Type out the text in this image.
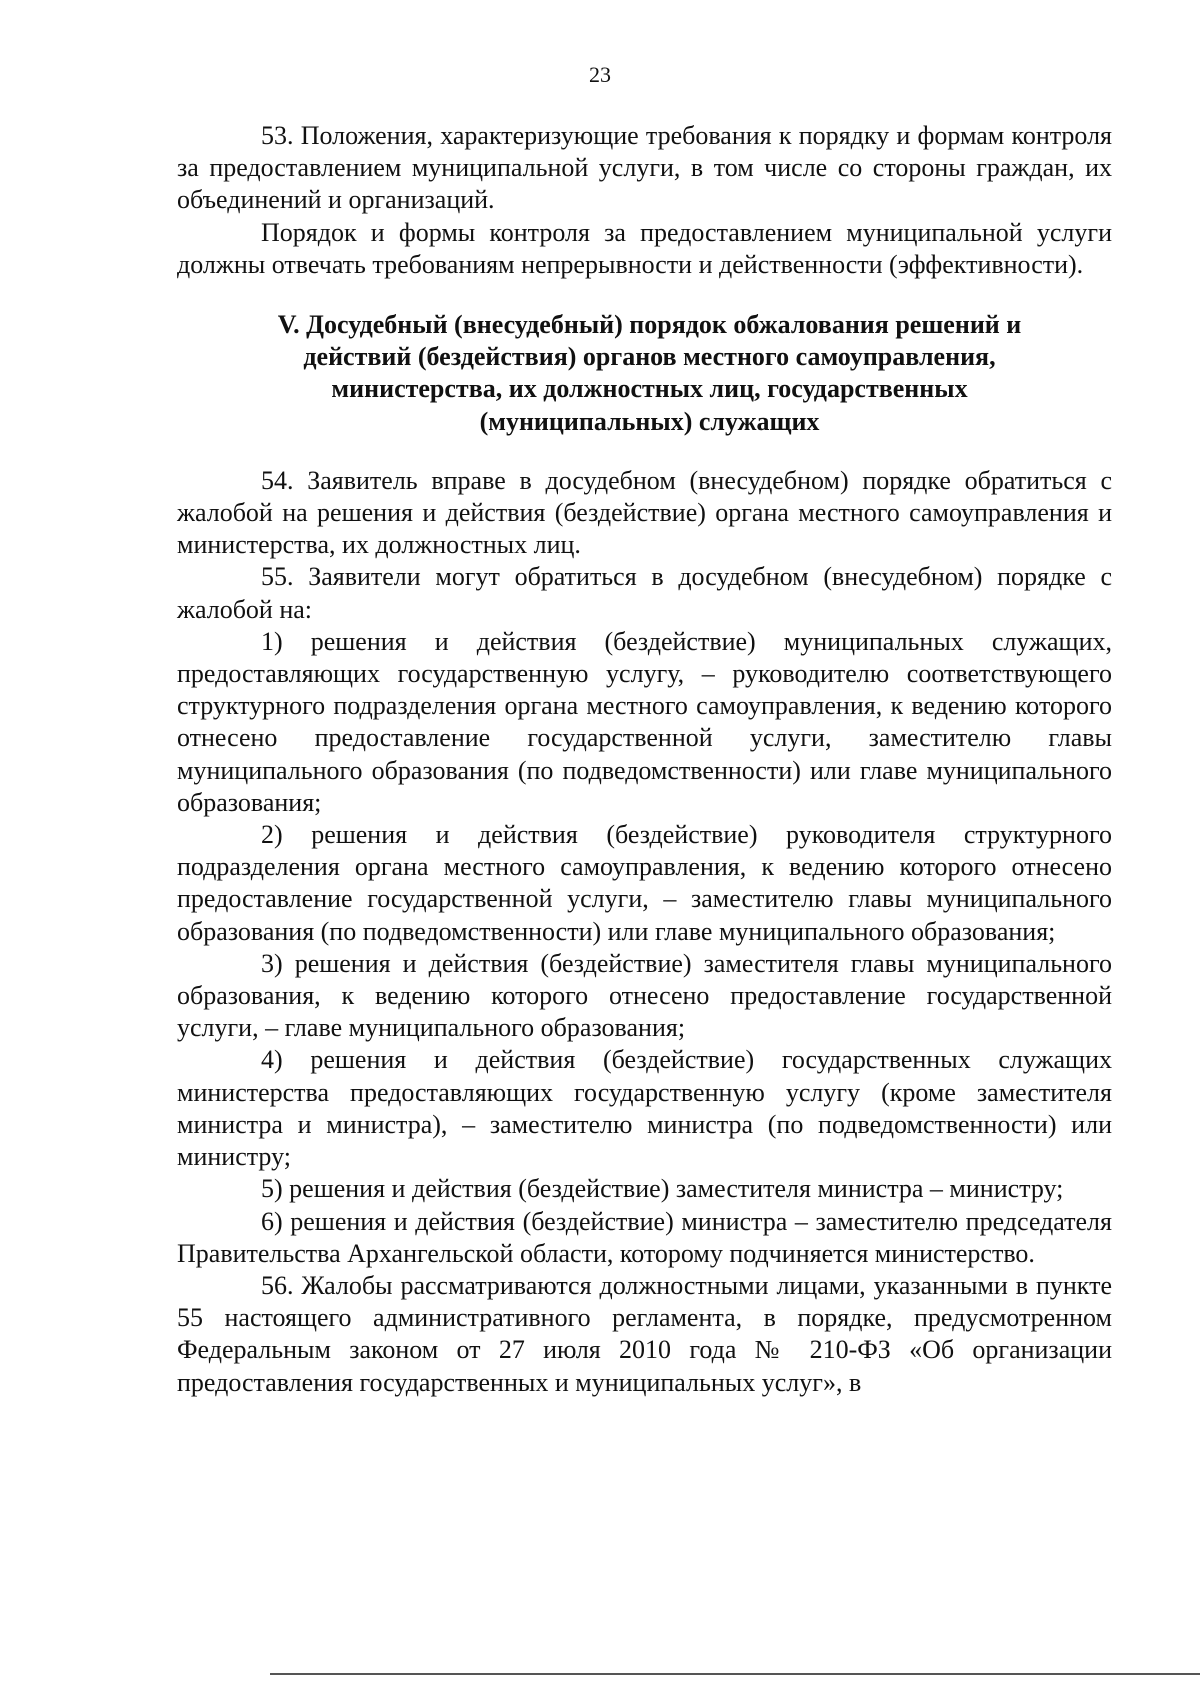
23

53. Положения, характеризующие требования к порядку и формам контроля за предоставлением муниципальной услуги, в том числе со стороны граждан, их объединений и организаций.

Порядок и формы контроля за предоставлением муниципальной услуги должны отвечать требованиям непрерывности и действенности (эффективности).

V. Досудебный (внесудебный) порядок обжалования решений и
действий (бездействия) органов местного самоуправления,
министерства, их должностных лиц, государственных
(муниципальных) служащих

54. Заявитель вправе в досудебном (внесудебном) порядке обратиться с жалобой на решения и действия (бездействие) органа местного самоуправления и министерства, их должностных лиц.

55. Заявители могут обратиться в досудебном (внесудебном) порядке с жалобой на:

1) решения и действия (бездействие) муниципальных служащих, предоставляющих государственную услугу, – руководителю соответствующего структурного подразделения органа местного самоуправления, к ведению которого отнесено предоставление государственной услуги, заместителю главы муниципального образования (по подведомственности) или главе муниципального образования;

2) решения и действия (бездействие) руководителя структурного подразделения органа местного самоуправления, к ведению которого отнесено предоставление государственной услуги, – заместителю главы муниципального образования (по подведомственности) или главе муниципального образования;

3) решения и действия (бездействие) заместителя главы муниципального образования, к ведению которого отнесено предоставление государственной услуги, – главе муниципального образования;

4) решения и действия (бездействие) государственных служащих министерства предоставляющих государственную услугу (кроме заместителя министра и министра), – заместителю министра (по подведомственности) или министру;

5) решения и действия (бездействие) заместителя министра – министру;

6) решения и действия (бездействие) министра – заместителю председателя Правительства Архангельской области, которому подчиняется министерство.

56. Жалобы рассматриваются должностными лицами, указанными в пункте 55 настоящего административного регламента, в порядке, предусмотренном Федеральным законом от 27 июля 2010 года № 210-ФЗ «Об организации предоставления государственных и муниципальных услуг», в
